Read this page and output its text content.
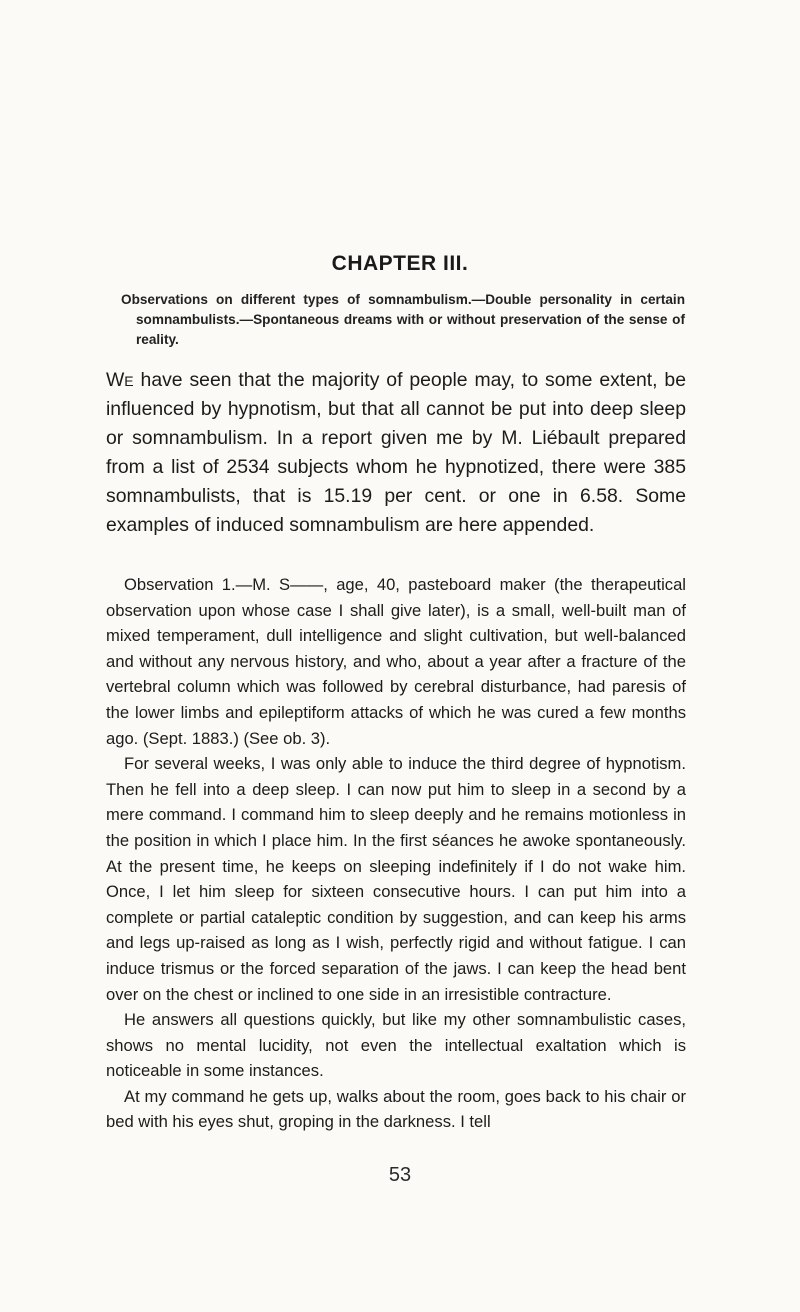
CHAPTER III.
Observations on different types of somnambulism.—Double personality in certain somnambulists.—Spontaneous dreams with or without preservation of the sense of reality.
We have seen that the majority of people may, to some extent, be influenced by hypnotism, but that all cannot be put into deep sleep or somnambulism. In a report given me by M. Liébault prepared from a list of 2534 subjects whom he hypnotized, there were 385 somnambulists, that is 15.19 per cent. or one in 6.58. Some examples of induced somnambulism are here appended.

Observation 1.—M. S——, age, 40, pasteboard maker (the therapeutical observation upon whose case I shall give later), is a small, well-built man of mixed temperament, dull intelligence and slight cultivation, but well-balanced and without any nervous history, and who, about a year after a fracture of the vertebral column which was followed by cerebral disturbance, had paresis of the lower limbs and epileptiform attacks of which he was cured a few months ago. (Sept. 1883.) (See ob. 3).

For several weeks, I was only able to induce the third degree of hypnotism. Then he fell into a deep sleep. I can now put him to sleep in a second by a mere command. I command him to sleep deeply and he remains motionless in the position in which I place him. In the first séances he awoke spontaneously. At the present time, he keeps on sleeping indefinitely if I do not wake him. Once, I let him sleep for sixteen consecutive hours. I can put him into a complete or partial cataleptic condition by suggestion, and can keep his arms and legs up-raised as long as I wish, perfectly rigid and without fatigue. I can induce trismus or the forced separation of the jaws. I can keep the head bent over on the chest or inclined to one side in an irresistible contracture.

He answers all questions quickly, but like my other somnambulistic cases, shows no mental lucidity, not even the intellectual exaltation which is noticeable in some instances.

At my command he gets up, walks about the room, goes back to his chair or bed with his eyes shut, groping in the darkness. I tell

53
